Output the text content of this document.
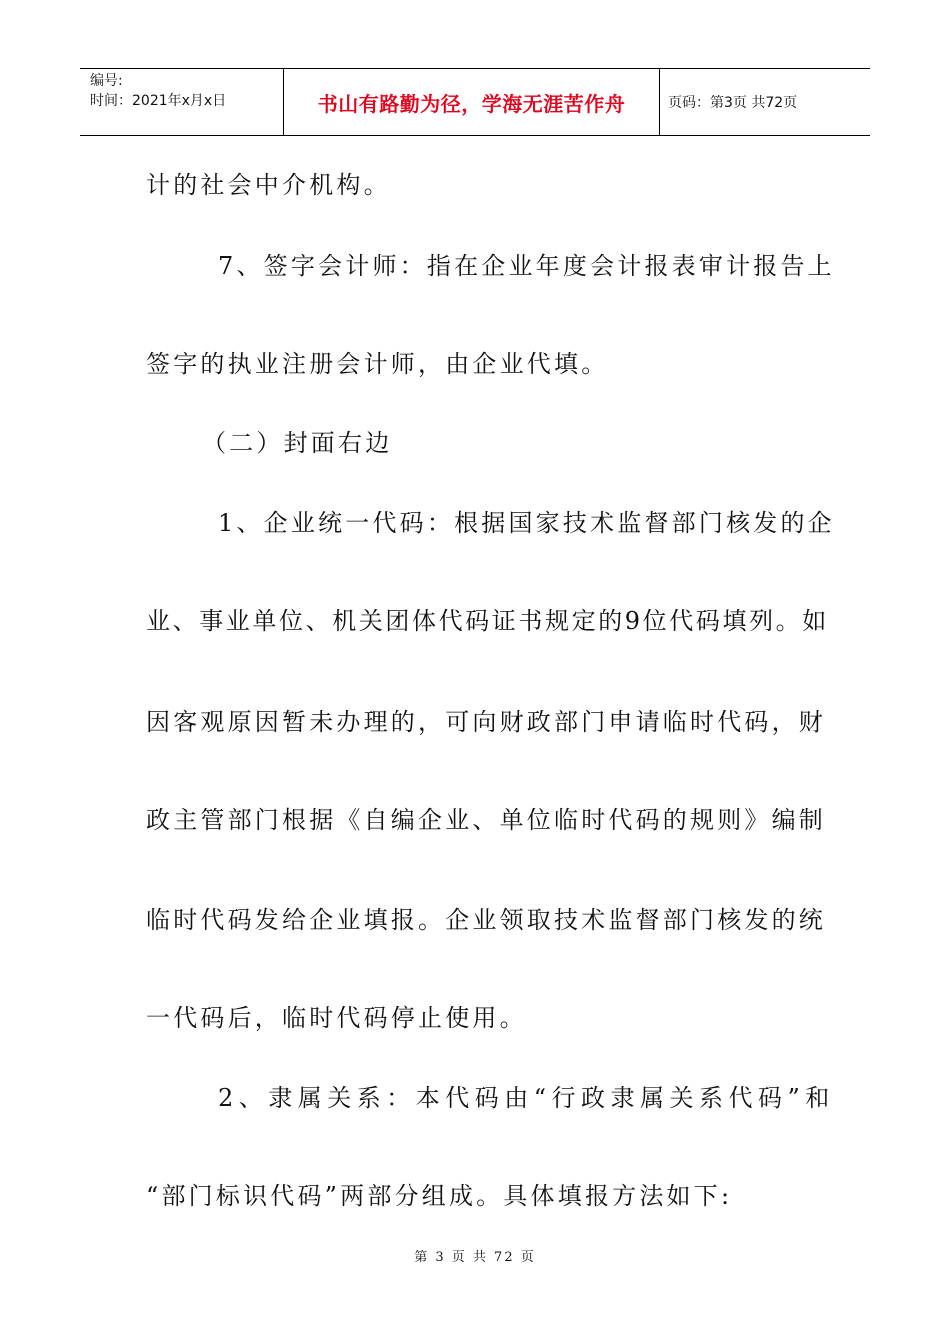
编号:
时间：2021年x月x日	书山有路勤为径，学海无涯苦作舟	页码：第3页 共72页
计的社会中介机构。
7、签字会计师：指在企业年度会计报表审计报告上
签字的执业注册会计师，由企业代填。
（二）封面右边
1、企业统一代码：根据国家技术监督部门核发的企
业、事业单位、机关团体代码证书规定的9位代码填列。如
因客观原因暂未办理的，可向财政部门申请临时代码，财
政主管部门根据《自编企业、单位临时代码的规则》编制
临时代码发给企业填报。企业领取技术监督部门核发的统
一代码后，临时代码停止使用。
2、隶属关系：本代码由“行政隶属关系代码”和
“部门标识代码”两部分组成。具体填报方法如下:
第 3 页 共 72 页
